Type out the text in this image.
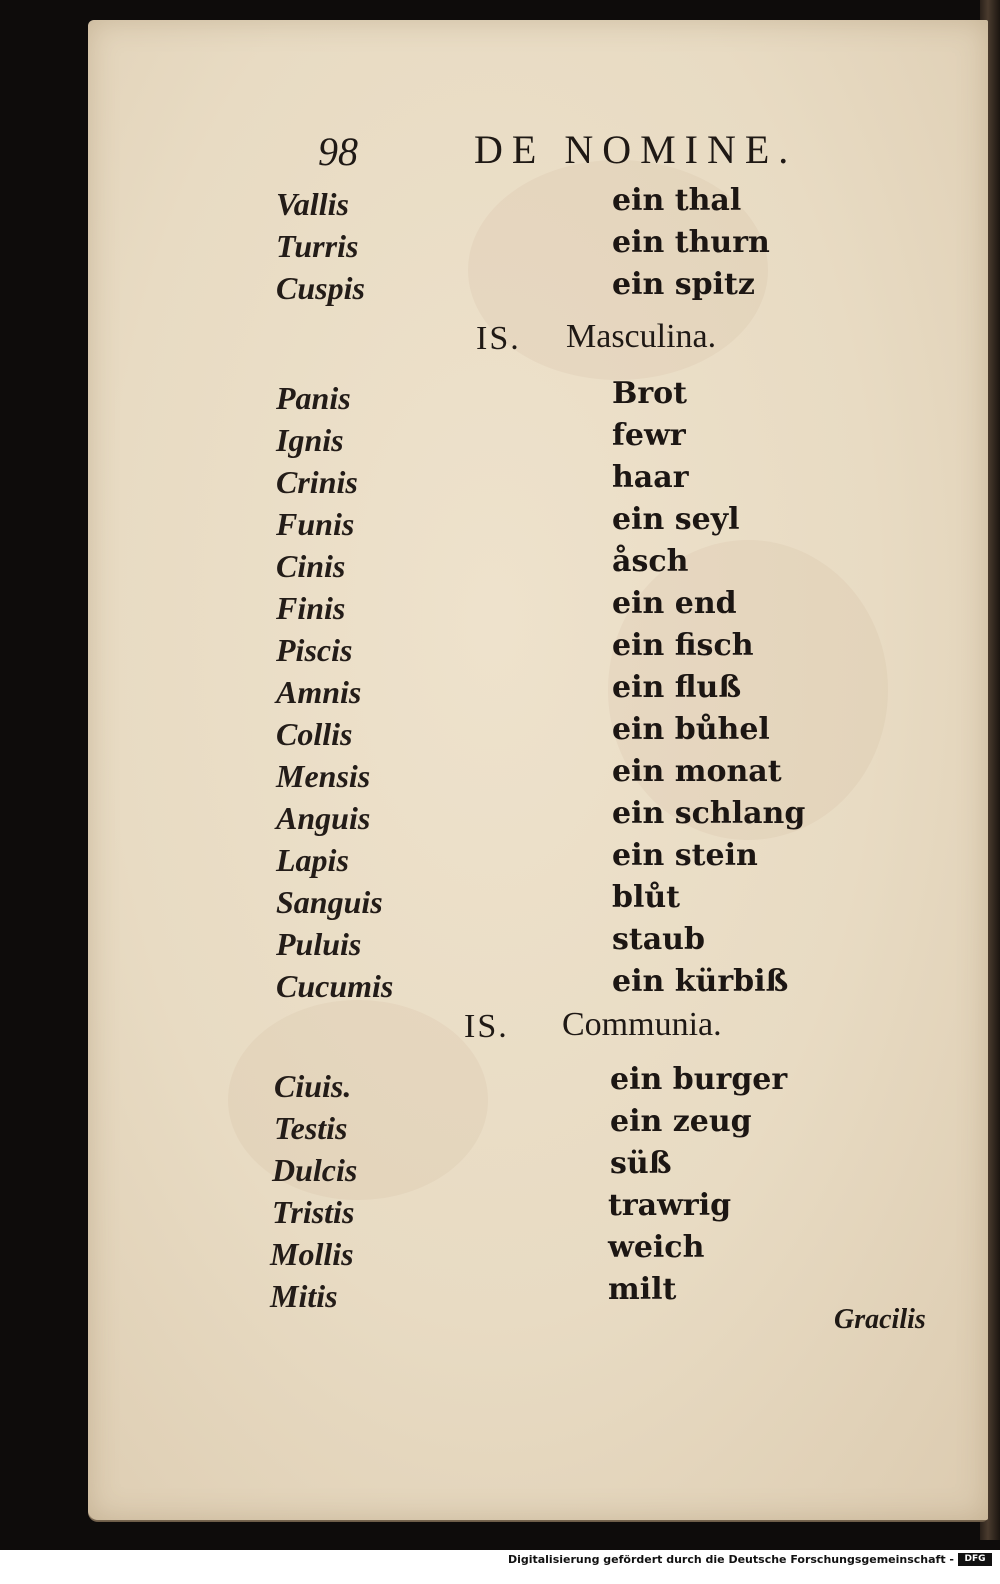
98	DE NOMINE.
Vallis	ein thal
Turris	ein thurn
Cuspis	ein spitz
IS. Masculina.
Panis	Brot
Ignis	fewr
Crinis	haar
Funis	ein seyl
Cinis	åsch
Finis	ein end
Piscis	ein fisch
Amnis	ein fluß
Collis	ein bůhel
Mensis	ein monat
Anguis	ein schlang
Lapis	ein stein
Sanguis	blůt
Puluis	staub
Cucumis	ein kürbiß
IS. Communia.
Ciuis.	ein burger
Testis	ein zeug
Dulcis	süß
Tristis	trawrig
Mollis	weich
Mitis	milt
Gracilis
Digitalisierung gefördert durch die Deutsche Forschungsgemeinschaft -	DFG
